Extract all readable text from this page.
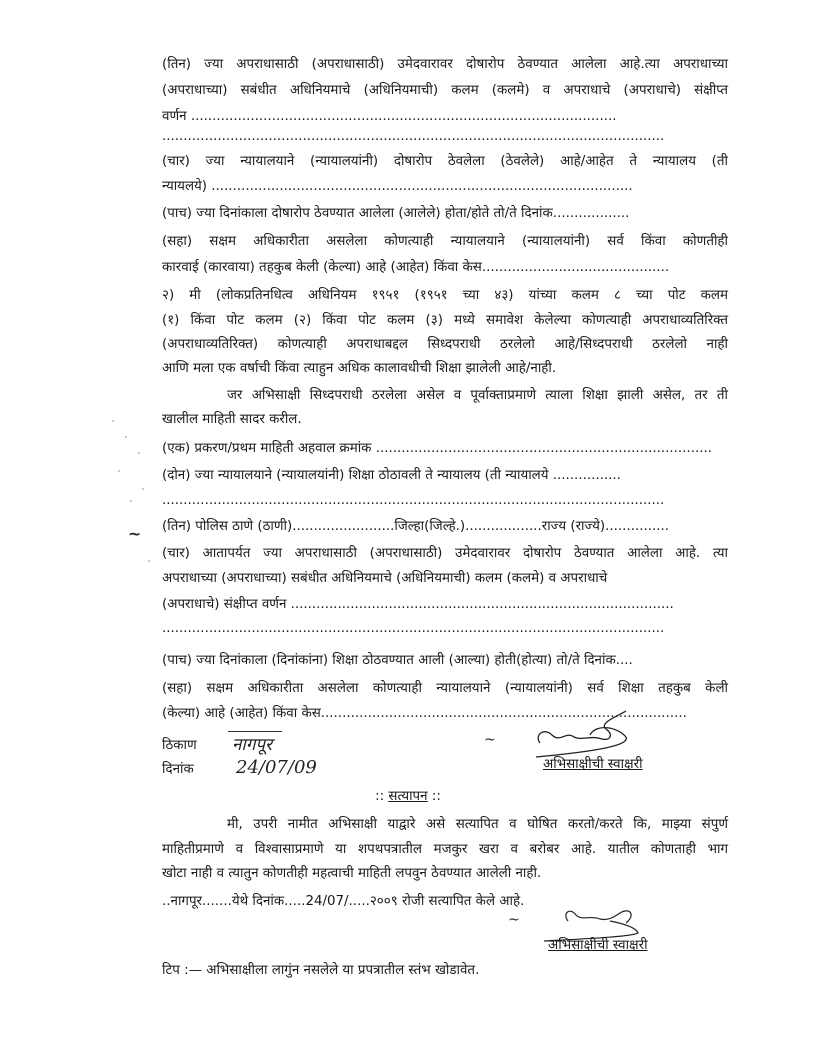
(तिन) ज्या अपराधासाठी (अपराधासाठी) उमेदवारावर दोषारोप ठेवण्यात आलेला आहे.त्या अपराधाच्या
(अपराधाच्या) सबंधीत अधिनियमाचे (अधिनियमाची) कलम (कलमे) व अपराधाचे (अपराधाचे) संक्षीप्त
वर्णन ....................................................................................................
......................................................................................................................
(चार) ज्या न्यायालयाने (न्यायालयांनी) दोषारोप ठेवलेला (ठेवलेले) आहे/आहेत ते न्यायालय (ती
न्यायलये) ...................................................................................................
(पाच) ज्या दिनांकाला दोषारोप ठेवण्यात आलेला (आलेले) होता/होते तो/ते दिनांक..................
(सहा) सक्षम अधिकारीता असलेला कोणत्याही न्यायालयाने (न्यायालयांनी) सर्व किंवा कोणतीही
कारवाई (कारवाया) तहकुब केली (केल्या) आहे (आहेत) किंवा केस............................................
२) मी (लोकप्रतिनधित्व अधिनियम १९५१ (१९५१ च्या ४३) यांच्या कलम ८ च्या पोट कलम
(१) किंवा पोट कलम (२) किंवा पोट कलम (३) मध्ये समावेश केलेल्या कोणत्याही अपराधाव्यतिरिक्त
(अपराधाव्यतिरिक्त) कोणत्याही अपराधाबद्दल सिध्दपराधी ठरलेलो आहे/सिध्दपराधी ठरलेलो नाही
आणि मला एक वर्षाची किंवा त्याहुन अधिक कालावधीची शिक्षा झालेली आहे/नाही.
जर अभिसाक्षी सिध्दपराधी ठरलेला असेल व पूर्वाक्ताप्रमाणे त्याला शिक्षा झाली असेल, तर ती
खालील माहिती सादर करील.
(एक) प्रकरण/प्रथम माहिती अहवाल क्रमांक ...............................................................................
(दोन) ज्या न्यायालयाने (न्यायालयांनी) शिक्षा ठोठावली ते न्यायालय (ती न्यायालये ................
......................................................................................................................
(तिन) पोलिस ठाणे (ठाणी)........................जिल्हा(जिल्हे.)..................राज्य (राज्ये)...............
(चार) आतापर्यत ज्या अपराधासाठी (अपराधासाठी) उमेदवारावर दोषारोप ठेवण्यात आलेला आहे. त्या
अपराधाच्या (अपराधाच्या) सबंधीत अधिनियमाचे (अधिनियमाची) कलम (कलमे) व अपराधाचे
(अपराधाचे) संक्षीप्त वर्णन ..........................................................................................
......................................................................................................................
(पाच) ज्या दिनांकाला (दिनांकांना) शिक्षा ठोठवण्यात आली (आल्या) होती(होत्या) तो/ते दिनांक....
(सहा) सक्षम अधिकारीता असलेला कोणत्याही न्यायालयाने (न्यायालयांनी) सर्व शिक्षा तहकुब केली
(केल्या) आहे (आहेत) किंवा केस......................................................................................
ठिकाण	नागपूर
दिनांक	24/07/09
~
अभिसाक्षीची स्वाक्षरी
:: सत्यापन ::
मी, उपरी नामीत अभिसाक्षी याद्वारे असे सत्यापित व घोषित करतो/करते कि, माझ्या संपुर्ण
माहितीप्रमाणे व विश्वासाप्रमाणे या शपथपत्रातील मजकुर खरा व बरोबर आहे. यातील कोणताही भाग
खोटा नाही व त्यातुन कोणतीही महत्वाची माहिती लपवुन ठेवण्यात आलेली नाही.
..नागपूर.......येथे दिनांक.....24/07/.....२००९ रोजी सत्यापित केले आहे.
~
अभिसाक्षीची स्वाक्षरी
टिप :— अभिसाक्षीला लागुंन नसलेले या प्रपत्रातील स्तंभ खोडावेत.
~
